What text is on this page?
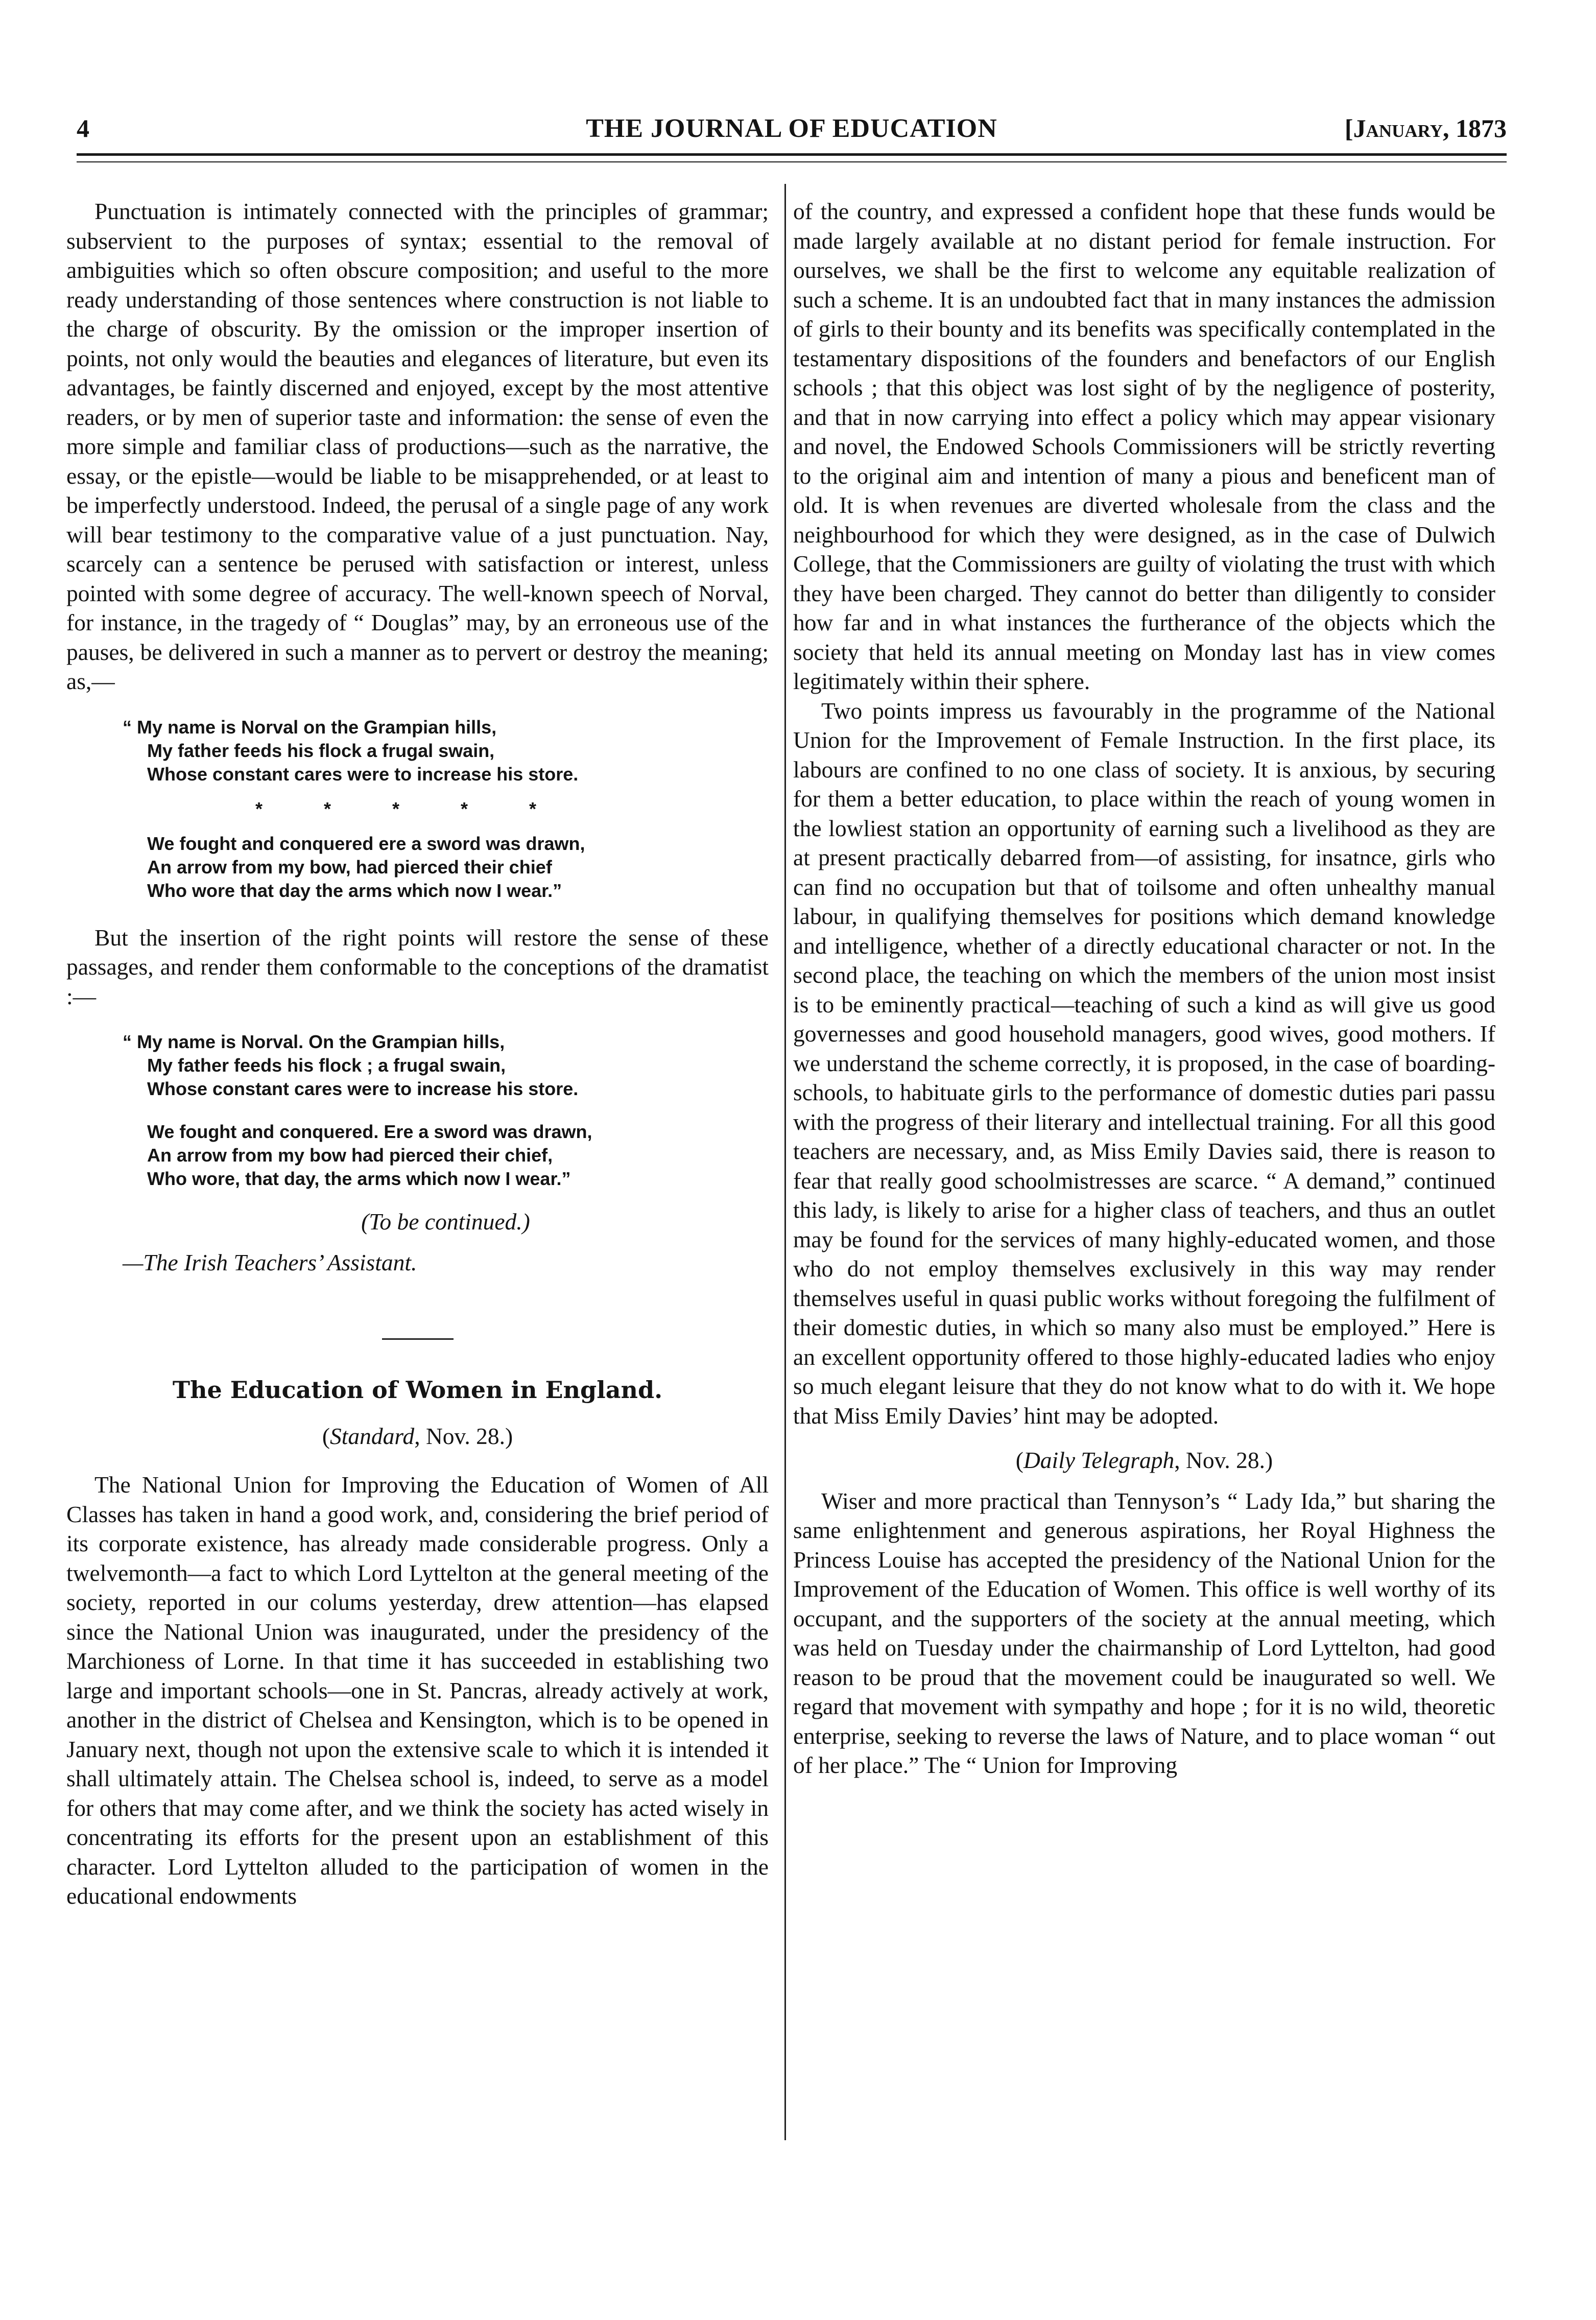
4	THE JOURNAL OF EDUCATION	[January, 1873

Punctuation is intimately connected with the principles of grammar; subservient to the purposes of syntax; essential to the removal of ambiguities which so often obscure composition; and useful to the more ready understanding of those sentences where construction is not liable to the charge of obscurity. By the omission or the improper insertion of points, not only would the beauties and elegances of literature, but even its advantages, be faintly discerned and enjoyed, except by the most attentive readers, or by men of superior taste and information: the sense of even the more simple and familiar class of productions—such as the narrative, the essay, or the epistle—would be liable to be misapprehended, or at least to be imperfectly understood. Indeed, the perusal of a single page of any work will bear testimony to the comparative value of a just punctuation. Nay, scarcely can a sentence be perused with satisfaction or interest, unless pointed with some degree of accuracy. The well-known speech of Norval, for instance, in the tragedy of “ Douglas” may, by an erroneous use of the pauses, be delivered in such a manner as to pervert or destroy the meaning; as,—

“ My name is Norval on the Grampian hills,
My father feeds his flock a frugal swain,
Whose constant cares were to increase his store.
* * * * *
We fought and conquered ere a sword was drawn,
An arrow from my bow, had pierced their chief
Who wore that day the arms which now I wear.”

But the insertion of the right points will restore the sense of these passages, and render them conformable to the conceptions of the dramatist :—

“ My name is Norval. On the Grampian hills,
My father feeds his flock ; a frugal swain,
Whose constant cares were to increase his store.
We fought and conquered. Ere a sword was drawn,
An arrow from my bow had pierced their chief,
Who wore, that day, the arms which now I wear.”
(To be continued.)
—The Irish Teachers’ Assistant.
The Education of Women in England.
(Standard, Nov. 28.)

The National Union for Improving the Education of Women of All Classes has taken in hand a good work, and, considering the brief period of its corporate existence, has already made considerable progress. Only a twelvemonth—a fact to which Lord Lyttelton at the general meeting of the society, reported in our colums yesterday, drew attention—has elapsed since the National Union was inaugurated, under the presidency of the Marchioness of Lorne. In that time it has succeeded in establishing two large and important schools—one in St. Pancras, already actively at work, another in the district of Chelsea and Kensington, which is to be opened in January next, though not upon the extensive scale to which it is intended it shall ultimately attain. The Chelsea school is, indeed, to serve as a model for others that may come after, and we think the society has acted wisely in concentrating its efforts for the present upon an establishment of this character. Lord Lyttelton alluded to the participation of women in the educational endowments

of the country, and expressed a confident hope that these funds would be made largely available at no distant period for female instruction. For ourselves, we shall be the first to welcome any equitable realization of such a scheme. It is an undoubted fact that in many instances the admission of girls to their bounty and its benefits was specifically contemplated in the testamentary dispositions of the founders and benefactors of our English schools ; that this object was lost sight of by the negligence of posterity, and that in now carrying into effect a policy which may appear visionary and novel, the Endowed Schools Commissioners will be strictly reverting to the original aim and intention of many a pious and beneficent man of old. It is when revenues are diverted wholesale from the class and the neighbourhood for which they were designed, as in the case of Dulwich College, that the Commissioners are guilty of violating the trust with which they have been charged. They cannot do better than diligently to consider how far and in what instances the furtherance of the objects which the society that held its annual meeting on Monday last has in view comes legitimately within their sphere.

Two points impress us favourably in the programme of the National Union for the Improvement of Female Instruction. In the first place, its labours are confined to no one class of society. It is anxious, by securing for them a better education, to place within the reach of young women in the lowliest station an opportunity of earning such a livelihood as they are at present practically debarred from—of assisting, for insatnce, girls who can find no occupation but that of toilsome and often unhealthy manual labour, in qualifying themselves for positions which demand knowledge and intelligence, whether of a directly educational character or not. In the second place, the teaching on which the members of the union most insist is to be eminently practical—teaching of such a kind as will give us good governesses and good household managers, good wives, good mothers. If we understand the scheme correctly, it is proposed, in the case of boarding-schools, to habituate girls to the performance of domestic duties pari passu with the progress of their literary and intellectual training. For all this good teachers are necessary, and, as Miss Emily Davies said, there is reason to fear that really good schoolmistresses are scarce. “ A demand,” continued this lady, is likely to arise for a higher class of teachers, and thus an outlet may be found for the services of many highly-educated women, and those who do not employ themselves exclusively in this way may render themselves useful in quasi public works without foregoing the fulfilment of their domestic duties, in which so many also must be employed.” Here is an excellent opportunity offered to those highly-educated ladies who enjoy so much elegant leisure that they do not know what to do with it. We hope that Miss Emily Davies’ hint may be adopted.

(Daily Telegraph, Nov. 28.)

Wiser and more practical than Tennyson’s “ Lady Ida,” but sharing the same enlightenment and generous aspirations, her Royal Highness the Princess Louise has accepted the presidency of the National Union for the Improvement of the Education of Women. This office is well worthy of its occupant, and the supporters of the society at the annual meeting, which was held on Tuesday under the chairmanship of Lord Lyttelton, had good reason to be proud that the movement could be inaugurated so well. We regard that movement with sympathy and hope ; for it is no wild, theoretic enterprise, seeking to reverse the laws of Nature, and to place woman “ out of her place.” The “ Union for Improving
